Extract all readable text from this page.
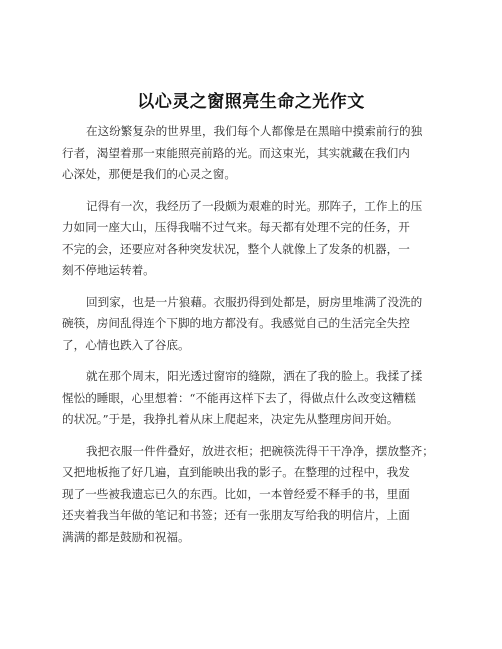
以心灵之窗照亮生命之光作文

在这纷繁复杂的世界里，我们每个人都像是在黑暗中摸索前行的独
行者，渴望着那一束能照亮前路的光。而这束光，其实就藏在我们内
心深处，那便是我们的心灵之窗。

记得有一次，我经历了一段颇为艰难的时光。那阵子，工作上的压
力如同一座大山，压得我喘不过气来。每天都有处理不完的任务，开
不完的会，还要应对各种突发状况，整个人就像上了发条的机器，一
刻不停地运转着。

回到家，也是一片狼藉。衣服扔得到处都是，厨房里堆满了没洗的
碗筷，房间乱得连个下脚的地方都没有。我感觉自己的生活完全失控
了，心情也跌入了谷底。

就在那个周末，阳光透过窗帘的缝隙，洒在了我的脸上。我揉了揉
惺忪的睡眼，心里想着：“不能再这样下去了，得做点什么改变这糟糕
的状况。”于是，我挣扎着从床上爬起来，决定先从整理房间开始。

我把衣服一件件叠好，放进衣柜；把碗筷洗得干干净净，摆放整齐；
又把地板拖了好几遍，直到能映出我的影子。在整理的过程中，我发
现了一些被我遗忘已久的东西。比如，一本曾经爱不释手的书，里面
还夹着我当年做的笔记和书签；还有一张朋友写给我的明信片，上面
满满的都是鼓励和祝福。
